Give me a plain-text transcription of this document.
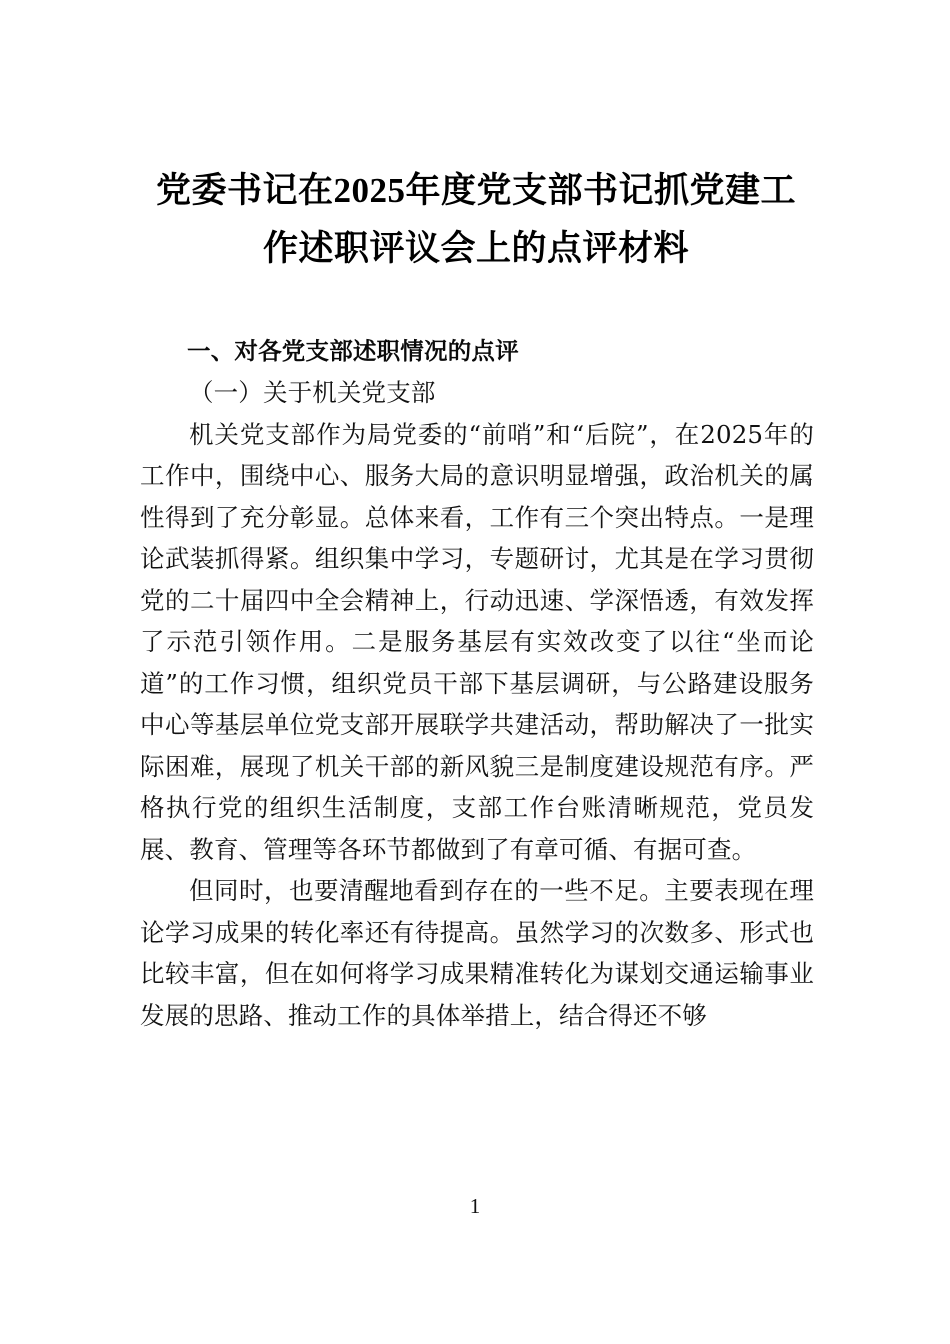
党委书记在2025年度党支部书记抓党建工
作述职评议会上的点评材料

一、对各党支部述职情况的点评

（一）关于机关党支部

机关党支部作为局党委的“前哨”和“后院”，在2025年的工作中，围绕中心、服务大局的意识明显增强，政治机关的属性得到了充分彰显。总体来看，工作有三个突出特点。一是理论武装抓得紧。组织集中学习，专题研讨，尤其是在学习贯彻党的二十届四中全会精神上，行动迅速、学深悟透，有效发挥了示范引领作用。二是服务基层有实效改变了以往“坐而论道”的工作习惯，组织党员干部下基层调研，与公路建设服务中心等基层单位党支部开展联学共建活动，帮助解决了一批实际困难，展现了机关干部的新风貌三是制度建设规范有序。严格执行党的组织生活制度，支部工作台账清晰规范，党员发展、教育、管理等各环节都做到了有章可循、有据可查。

但同时，也要清醒地看到存在的一些不足。主要表现在理论学习成果的转化率还有待提高。虽然学习的次数多、形式也比较丰富，但在如何将学习成果精准转化为谋划交通运输事业发展的思路、推动工作的具体举措上，结合得还不够

1
